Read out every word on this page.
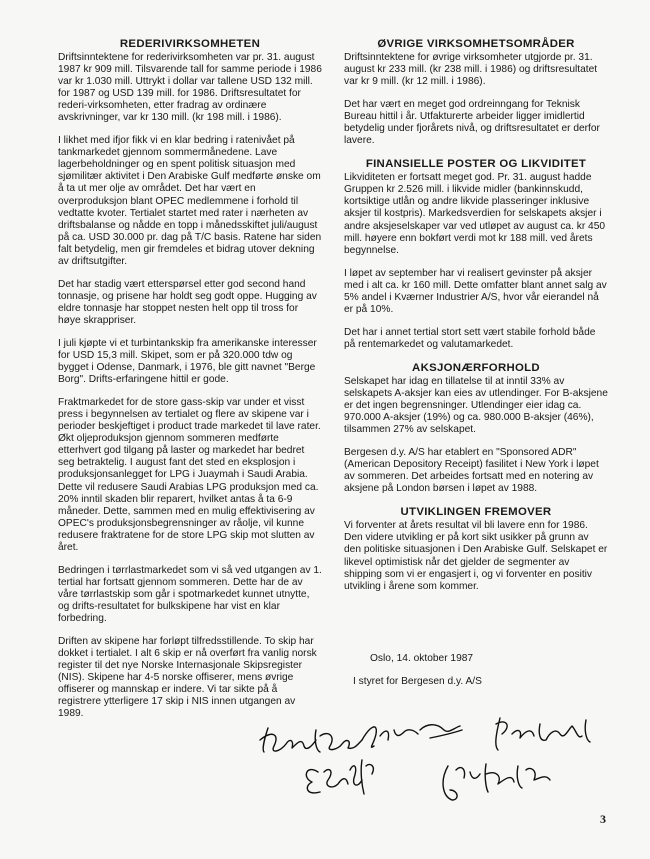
REDERIVIRKSOMHETEN

Driftsinntektene for rederivirksomheten var pr. 31. august 1987 kr 909 mill. Tilsvarende tall for samme periode i 1986 var kr 1.030 mill. Uttrykt i dollar var tallene USD 132 mill. for 1987 og USD 139 mill. for 1986. Driftsresultatet for rederi-virksomheten, etter fradrag av ordinære avskrivninger, var kr 130 mill. (kr 198 mill. i 1986).

I likhet med ifjor fikk vi en klar bedring i ratenivået på tankmarkedet gjennom sommermånedene. Lave lagerbeholdninger og en spent politisk situasjon med sjømilitær aktivitet i Den Arabiske Gulf medførte ønske om å ta ut mer olje av området. Det har vært en overproduksjon blant OPEC medlemmene i forhold til vedtatte kvoter. Tertialet startet med rater i nærheten av driftsbalanse og nådde en topp i månedsskiftet juli/august på ca. USD 30.000 pr. dag på T/C basis. Ratene har siden falt betydelig, men gir fremdeles et bidrag utover dekning av driftsutgifter.

Det har stadig vært etterspørsel etter god second hand tonnasje, og prisene har holdt seg godt oppe. Hugging av eldre tonnasje har stoppet nesten helt opp til tross for høye skrappriser.

I juli kjøpte vi et turbintankskip fra amerikanske interesser for USD 15,3 mill. Skipet, som er på 320.000 tdw og bygget i Odense, Danmark, i 1976, ble gitt navnet "Berge Borg". Drifts-erfaringene hittil er gode.

Fraktmarkedet for de store gass-skip var under et visst press i begynnelsen av tertialet og flere av skipene var i perioder beskjeftiget i product trade markedet til lave rater. Økt oljeproduksjon gjennom sommeren medførte etterhvert god tilgang på laster og markedet har bedret seg betraktelig. I august fant det sted en eksplosjon i produksjonsanlegget for LPG i Juaymah i Saudi Arabia. Dette vil redusere Saudi Arabias LPG produksjon med ca. 20% inntil skaden blir reparert, hvilket antas å ta 6-9 måneder. Dette, sammen med en mulig effektivisering av OPEC's produksjonsbegrensninger av råolje, vil kunne redusere fraktratene for de store LPG skip mot slutten av året.

Bedringen i tørrlastmarkedet som vi så ved utgangen av 1. tertial har fortsatt gjennom sommeren. Dette har de av våre tørrlastskip som går i spotmarkedet kunnet utnytte, og drifts-resultatet for bulkskipene har vist en klar forbedring.

Driften av skipene har forløpt tilfredsstillende. To skip har dokket i tertialet. I alt 6 skip er nå overført fra vanlig norsk register til det nye Norske Internasjonale Skipsregister (NIS). Skipene har 4-5 norske offiserer, mens øvrige offiserer og mannskap er indere. Vi tar sikte på å registrere ytterligere 17 skip i NIS innen utgangen av 1989.

ØVRIGE VIRKSOMHETSOMRÅDER

Driftsinntektene for øvrige virksomheter utgjorde pr. 31. august kr 233 mill. (kr 238 mill. i 1986) og driftsresultatet var kr 9 mill. (kr 12 mill. i 1986).

Det har vært en meget god ordreinngang for Teknisk Bureau hittil i år. Utfakturerte arbeider ligger imidlertid betydelig under fjorårets nivå, og driftsresultatet er derfor lavere.

FINANSIELLE POSTER OG LIKVIDITET

Likviditeten er fortsatt meget god. Pr. 31. august hadde Gruppen kr 2.526 mill. i likvide midler (bankinnskudd, kortsiktige utlån og andre likvide plasseringer inklusive aksjer til kostpris). Markedsverdien for selskapets aksjer i andre aksjeselskaper var ved utløpet av august ca. kr 450 mill. høyere enn bokført verdi mot kr 188 mill. ved årets begynnelse.

I løpet av september har vi realisert gevinster på aksjer med i alt ca. kr 160 mill. Dette omfatter blant annet salg av 5% andel i Kværner Industrier A/S, hvor vår eierandel nå er på 10%.

Det har i annet tertial stort sett vært stabile forhold både på rentemarkedet og valutamarkedet.

AKSJONÆRFORHOLD

Selskapet har idag en tillatelse til at inntil 33% av selskapets A-aksjer kan eies av utlendinger. For B-aksjene er det ingen begrensninger. Utlendinger eier idag ca. 970.000 A-aksjer (19%) og ca. 980.000 B-aksjer (46%), tilsammen 27% av selskapet.

Bergesen d.y. A/S har etablert en "Sponsored ADR" (American Depository Receipt) fasilitet i New York i løpet av sommeren. Det arbeides fortsatt med en notering av aksjene på London børsen i løpet av 1988.

UTVIKLINGEN FREMOVER

Vi forventer at årets resultat vil bli lavere enn for 1986. Den videre utvikling er på kort sikt usikker på grunn av den politiske situasjonen i Den Arabiske Gulf. Selskapet er likevel optimistisk når det gjelder de segmenter av shipping som vi er engasjert i, og vi forventer en positiv utvikling i årene som kommer.

Oslo, 14. oktober 1987
I styret for Bergesen d.y. A/S
3
